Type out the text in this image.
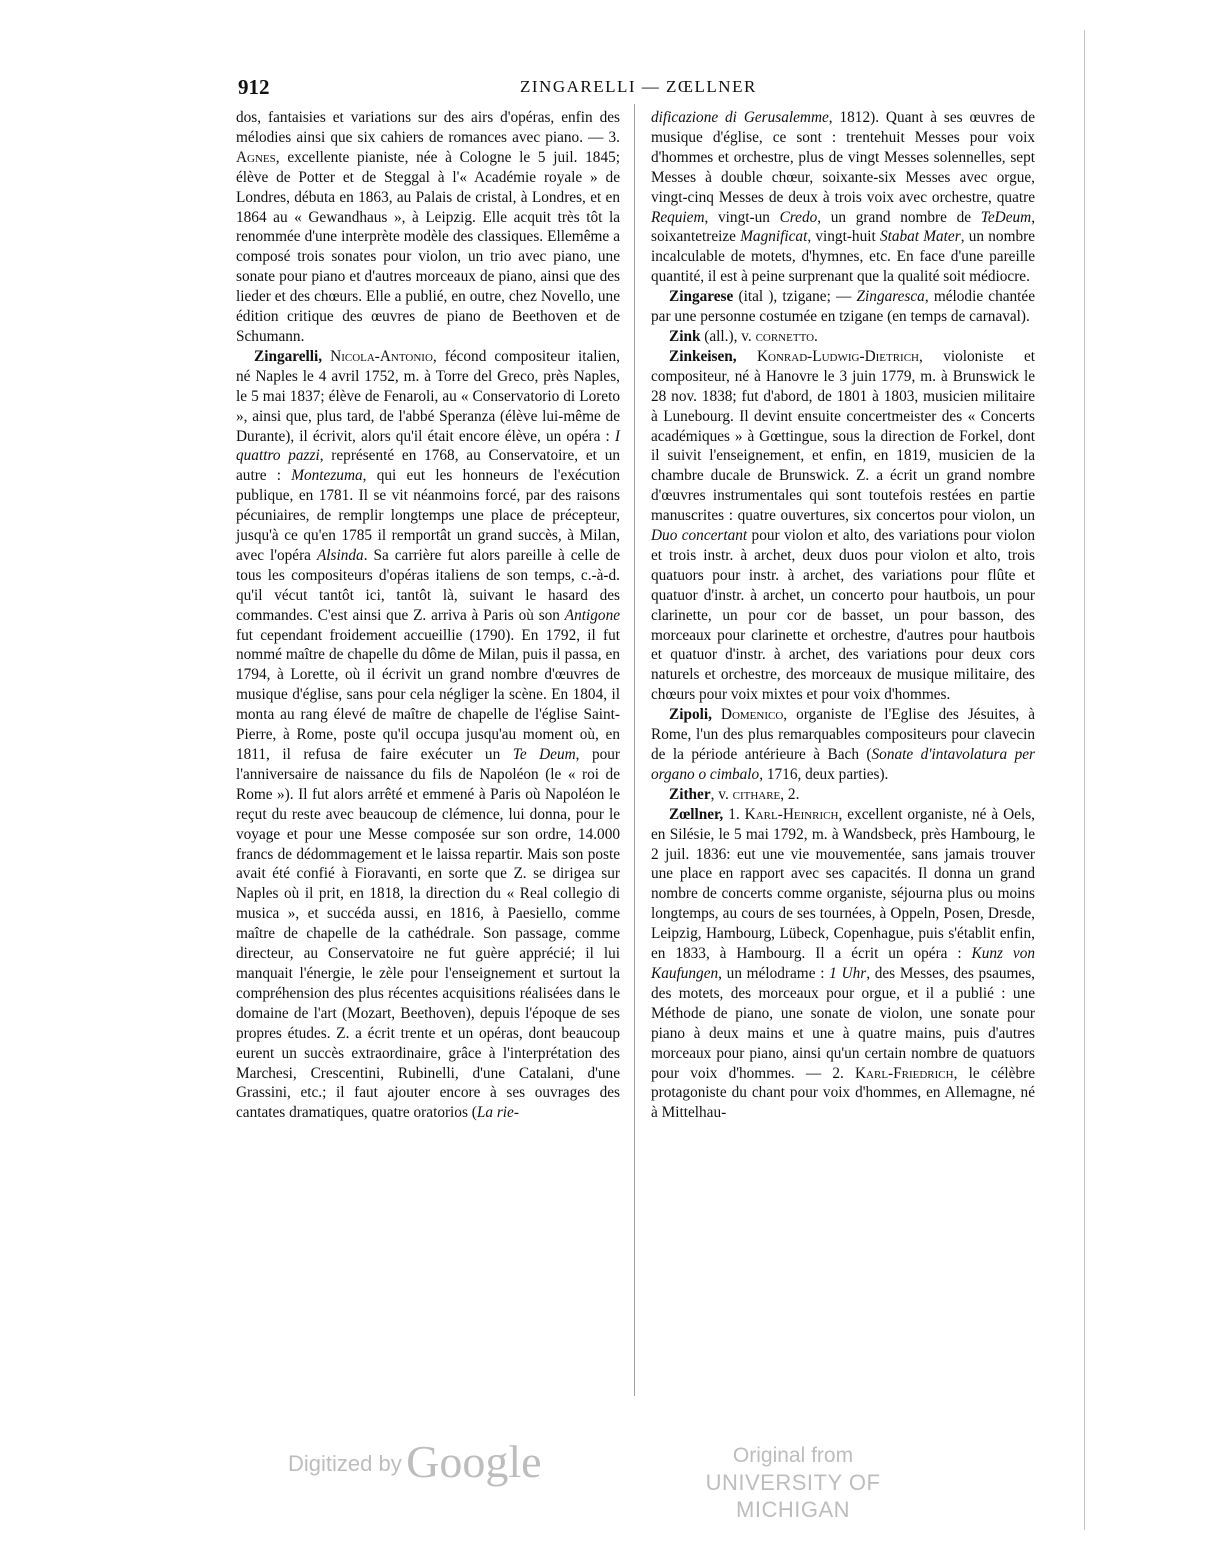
912	ZINGARELLI — ZŒLLNER

dos, fantaisies et variations sur des airs d'opéras, enfin des mélodies ainsi que six cahiers de romances avec piano. — 3. Agnes, excellente pianiste, née à Cologne le 5 juil. 1845; élève de Potter et de Steggal à l'« Académie royale » de Londres, débuta en 1863, au Palais de cristal, à Londres, et en 1864 au « Gewandhaus », à Leipzig. Elle acquit très tôt la renommée d'une interprète modèle des classiques. Ellemême a composé trois sonates pour violon, un trio avec piano, une sonate pour piano et d'autres morceaux de piano, ainsi que des lieder et des chœurs. Elle a publié, en outre, chez Novello, une édition critique des œuvres de piano de Beethoven et de Schumann.

Zingarelli, Nicola-Antonio, fécond compositeur italien, né Naples le 4 avril 1752, m. à Torre del Greco, près Naples, le 5 mai 1837; élève de Fenaroli, au « Conservatorio di Loreto », ainsi que, plus tard, de l'abbé Speranza (élève lui-même de Durante), il écrivit, alors qu'il était encore élève, un opéra : I quattro pazzi, représenté en 1768, au Conservatoire, et un autre : Montezuma, qui eut les honneurs de l'exécution publique, en 1781. Il se vit néanmoins forcé, par des raisons pécuniaires, de remplir longtemps une place de précepteur, jusqu'à ce qu'en 1785 il remportât un grand succès, à Milan, avec l'opéra Alsinda. Sa carrière fut alors pareille à celle de tous les compositeurs d'opéras italiens de son temps, c.-à-d. qu'il vécut tantôt ici, tantôt là, suivant le hasard des commandes. C'est ainsi que Z. arriva à Paris où son Antigone fut cependant froidement accueillie (1790). En 1792, il fut nommé maître de chapelle du dôme de Milan, puis il passa, en 1794, à Lorette, où il écrivit un grand nombre d'œuvres de musique d'église, sans pour cela négliger la scène. En 1804, il monta au rang élevé de maître de chapelle de l'église Saint-Pierre, à Rome, poste qu'il occupa jusqu'au moment où, en 1811, il refusa de faire exécuter un Te Deum, pour l'anniversaire de naissance du fils de Napoléon (le « roi de Rome »). Il fut alors arrêté et emmené à Paris où Napoléon le reçut du reste avec beaucoup de clémence, lui donna, pour le voyage et pour une Messe composée sur son ordre, 14.000 francs de dédommagement et le laissa repartir. Mais son poste avait été confié à Fioravanti, en sorte que Z. se dirigea sur Naples où il prit, en 1818, la direction du « Real collegio di musica », et succéda aussi, en 1816, à Paesiello, comme maître de chapelle de la cathédrale. Son passage, comme directeur, au Conservatoire ne fut guère apprécié; il lui manquait l'énergie, le zèle pour l'enseignement et surtout la compréhension des plus récentes acquisitions réalisées dans le domaine de l'art (Mozart, Beethoven), depuis l'époque de ses propres études. Z. a écrit trente et un opéras, dont beaucoup eurent un succès extraordinaire, grâce à l'interprétation des Marchesi, Crescentini, Rubinelli, d'une Catalani, d'une Grassini, etc.; il faut ajouter encore à ses ouvrages des cantates dramatiques, quatre oratorios (La rie-

dificazione di Gerusalemme, 1812). Quant à ses œuvres de musique d'église, ce sont : trentehuit Messes pour voix d'hommes et orchestre, plus de vingt Messes solennelles, sept Messes à double chœur, soixante-six Messes avec orgue, vingt-cinq Messes de deux à trois voix avec orchestre, quatre Requiem, vingt-un Credo, un grand nombre de TeDeum, soixantetreize Magnificat, vingt-huit Stabat Mater, un nombre incalculable de motets, d'hymnes, etc. En face d'une pareille quantité, il est à peine surprenant que la qualité soit médiocre.

Zingarese (ital ), tzigane; — Zingaresca, mélodie chantée par une personne costumée en tzigane (en temps de carnaval).

Zink (all.), v. cornetto.

Zinkeisen, Konrad-Ludwig-Dietrich, violoniste et compositeur, né à Hanovre le 3 juin 1779, m. à Brunswick le 28 nov. 1838; fut d'abord, de 1801 à 1803, musicien militaire à Lunebourg. Il devint ensuite concertmeister des « Concerts académiques » à Gœttingue, sous la direction de Forkel, dont il suivit l'enseignement, et enfin, en 1819, musicien de la chambre ducale de Brunswick. Z. a écrit un grand nombre d'œuvres instrumentales qui sont toutefois restées en partie manuscrites : quatre ouvertures, six concertos pour violon, un Duo concertant pour violon et alto, des variations pour violon et trois instr. à archet, deux duos pour violon et alto, trois quatuors pour instr. à archet, des variations pour flûte et quatuor d'instr. à archet, un concerto pour hautbois, un pour clarinette, un pour cor de basset, un pour basson, des morceaux pour clarinette et orchestre, d'autres pour hautbois et quatuor d'instr. à archet, des variations pour deux cors naturels et orchestre, des morceaux de musique militaire, des chœurs pour voix mixtes et pour voix d'hommes.

Zipoli, Domenico, organiste de l'Eglise des Jésuites, à Rome, l'un des plus remarquables compositeurs pour clavecin de la période antérieure à Bach (Sonate d'intavolatura per organo o cimbalo, 1716, deux parties).

Zither, v. cithare, 2.

Zœllner, 1. Karl-Heinrich, excellent organiste, né à Oels, en Silésie, le 5 mai 1792, m. à Wandsbeck, près Hambourg, le 2 juil. 1836: eut une vie mouvementée, sans jamais trouver une place en rapport avec ses capacités. Il donna un grand nombre de concerts comme organiste, séjourna plus ou moins longtemps, au cours de ses tournées, à Oppeln, Posen, Dresde, Leipzig, Hambourg, Lübeck, Copenhague, puis s'établit enfin, en 1833, à Hambourg. Il a écrit un opéra : Kunz von Kaufungen, un mélodrame : 1 Uhr, des Messes, des psaumes, des motets, des morceaux pour orgue, et il a publié : une Méthode de piano, une sonate de violon, une sonate pour piano à deux mains et une à quatre mains, puis d'autres morceaux pour piano, ainsi qu'un certain nombre de quatuors pour voix d'hommes. — 2. Karl-Friedrich, le célèbre protagoniste du chant pour voix d'hommes, en Allemagne, né à Mittelhau-

Digitized by Google	Original from
UNIVERSITY OF MICHIGAN
